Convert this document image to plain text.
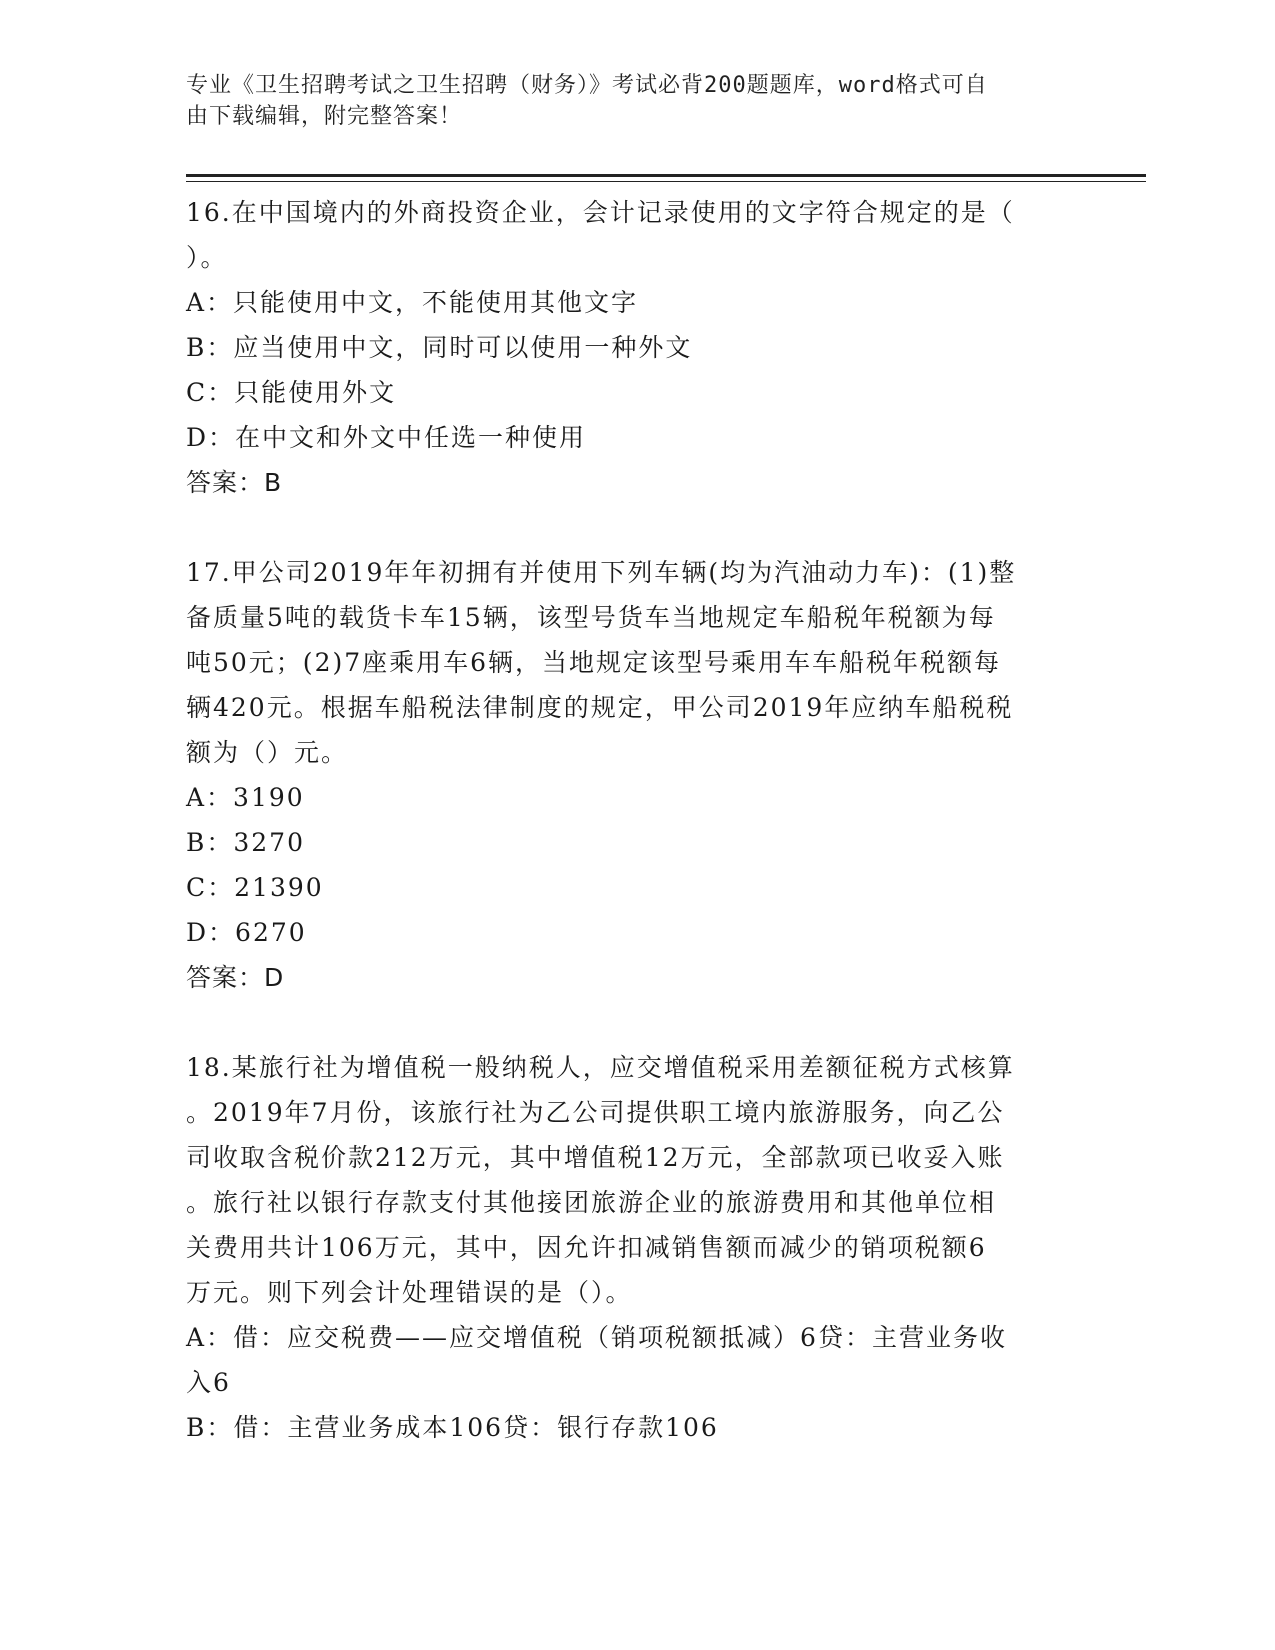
专业《卫生招聘考试之卫生招聘（财务）》考试必背200题题库，word格式可自
由下载编辑，附完整答案！

16.在中国境内的外商投资企业，会计记录使用的文字符合规定的是（

）。

A：只能使用中文，不能使用其他文字

B：应当使用中文，同时可以使用一种外文

C：只能使用外文

D：在中文和外文中任选一种使用

答案：B

17.甲公司2019年年初拥有并使用下列车辆(均为汽油动力车)：(1)整

备质量5吨的载货卡车15辆，该型号货车当地规定车船税年税额为每

吨50元；(2)7座乘用车6辆，当地规定该型号乘用车车船税年税额每

辆420元。根据车船税法律制度的规定，甲公司2019年应纳车船税税

额为（）元。

A：3190

B：3270

C：21390

D：6270

答案：D

18.某旅行社为增值税一般纳税人，应交增值税采用差额征税方式核算

。2019年7月份，该旅行社为乙公司提供职工境内旅游服务，向乙公

司收取含税价款212万元，其中增值税12万元，全部款项已收妥入账

。旅行社以银行存款支付其他接团旅游企业的旅游费用和其他单位相

关费用共计106万元，其中，因允许扣减销售额而减少的销项税额6

万元。则下列会计处理错误的是（）。

A：借：应交税费——应交增值税（销项税额抵减）6贷：主营业务收

入6

B：借：主营业务成本106贷：银行存款106
